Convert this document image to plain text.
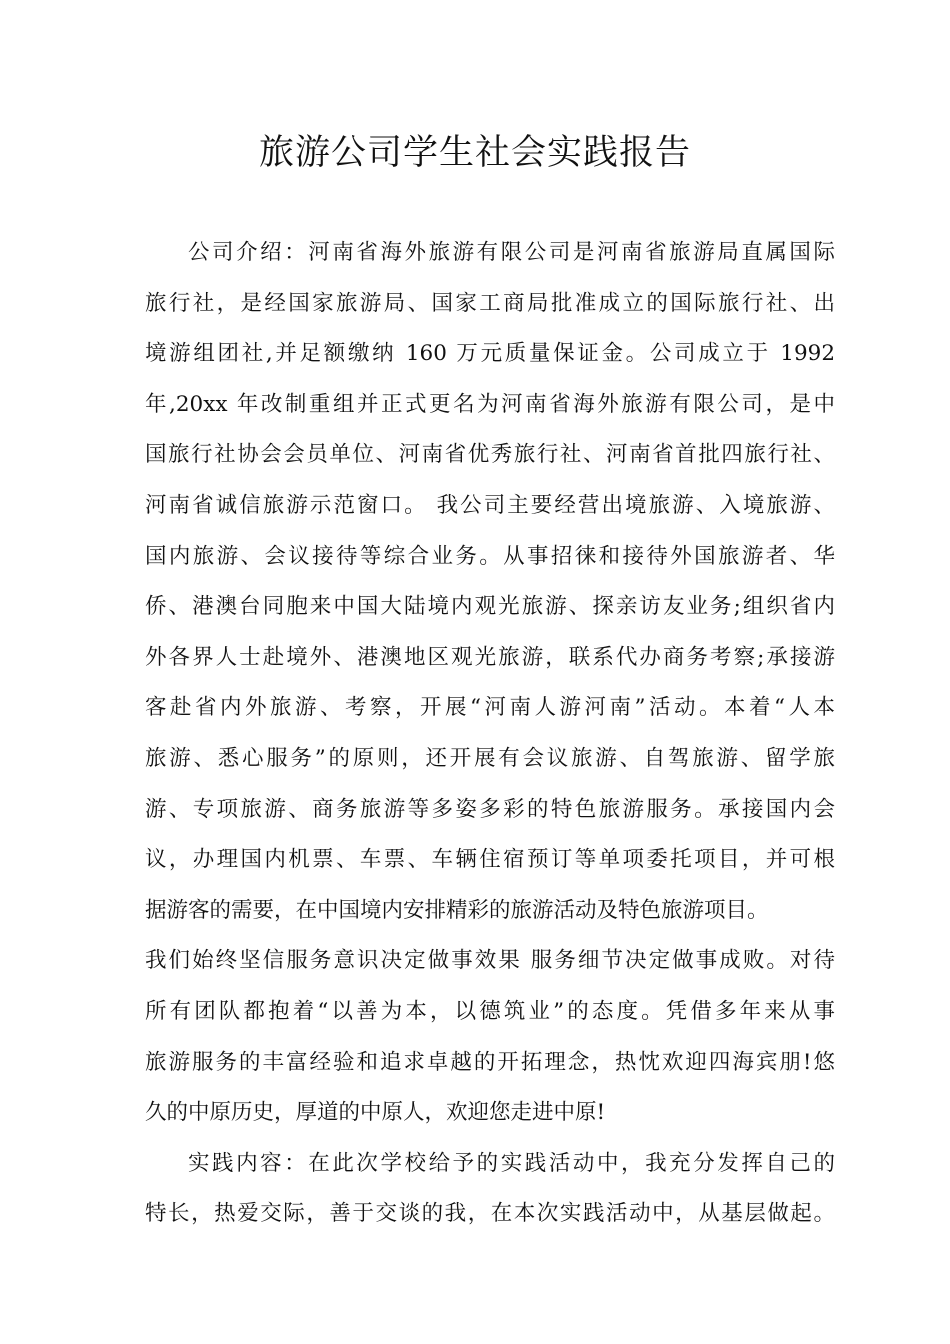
旅游公司学生社会实践报告
公司介绍：河南省海外旅游有限公司是河南省旅游局直属国际
旅行社，是经国家旅游局、国家工商局批准成立的国际旅行社、出
境游组团社,并足额缴纳 160 万元质量保证金。公司成立于 1992
年,20xx 年改制重组并正式更名为河南省海外旅游有限公司，是中
国旅行社协会会员单位、河南省优秀旅行社、河南省首批四旅行社、
河南省诚信旅游示范窗口。 我公司主要经营出境旅游、入境旅游、
国内旅游、会议接待等综合业务。从事招徕和接待外国旅游者、华
侨、港澳台同胞来中国大陆境内观光旅游、探亲访友业务;组织省内
外各界人士赴境外、港澳地区观光旅游，联系代办商务考察;承接游
客赴省内外旅游、考察，开展“河南人游河南”活动。本着“人本
旅游、悉心服务”的原则，还开展有会议旅游、自驾旅游、留学旅
游、专项旅游、商务旅游等多姿多彩的特色旅游服务。承接国内会
议，办理国内机票、车票、车辆住宿预订等单项委托项目，并可根
据游客的需要，在中国境内安排精彩的旅游活动及特色旅游项目。
我们始终坚信服务意识决定做事效果 服务细节决定做事成败。对待
所有团队都抱着“以善为本，以德筑业”的态度。凭借多年来从事
旅游服务的丰富经验和追求卓越的开拓理念，热忱欢迎四海宾朋!悠
久的中原历史，厚道的中原人，欢迎您走进中原!
实践内容：在此次学校给予的实践活动中，我充分发挥自己的
特长，热爱交际，善于交谈的我，在本次实践活动中，从基层做起。
